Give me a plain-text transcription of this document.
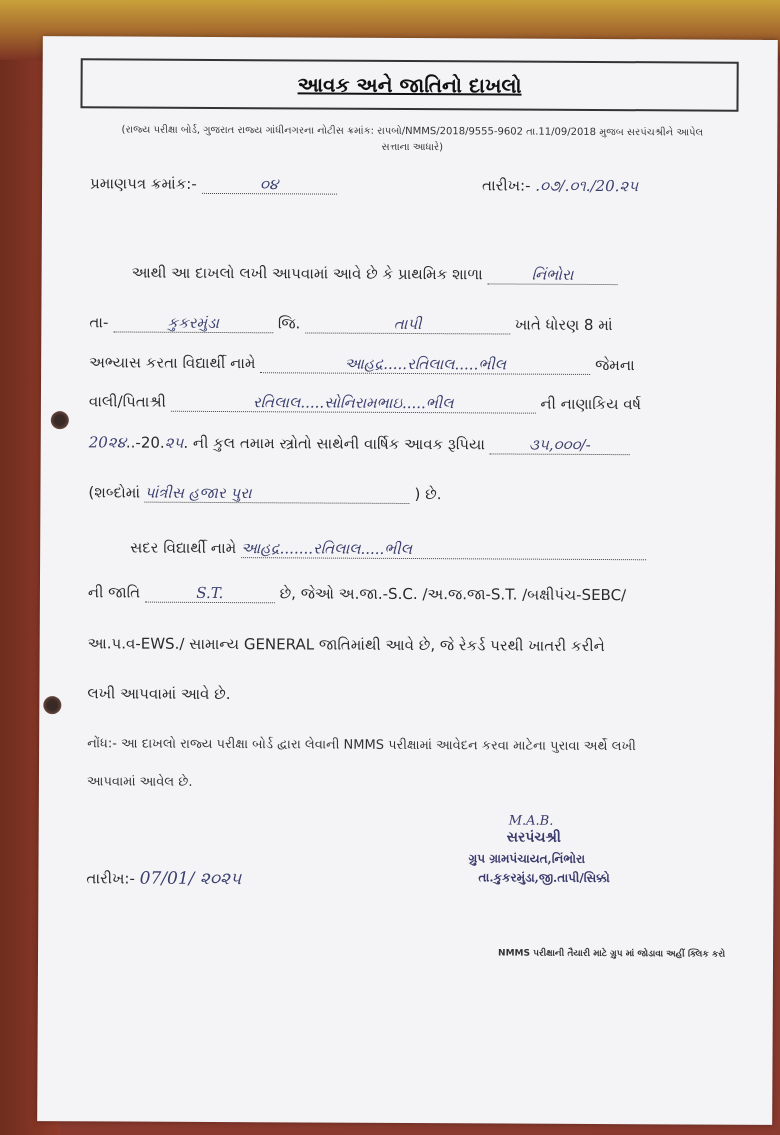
આવક અને જાતિનો દાખલો
(રાજ્ય પરીક્ષા બોર્ડ, ગુજરાત રાજ્ય ગાંધીનગરના નોટીસ ક્રમાંક: રાપબો/NMMS/2018/9555-9602 તા.11/09/2018 મુજબ સરપંચશ્રીને આપેલ સત્તાના આધારે)
પ્રમાણપત્ર ક્રમાંક:-	૦૪	તારીખ:- .૦૭/.૦૧./20.૨૫
આથી આ દાખલો લખી આપવામાં આવે છે કે પ્રાથમિક શાળા	નિંભોરા
તા-	કુકરમુંડા	જિ.	તાપી	ખાતે ધોરણ 8 માં
અભ્યાસ કરતા વિદ્યાર્થી નામે	આહદ્ર.....રતિલાલ.....ભીલ	જેમના
વાલી/પિતાશ્રી	રતિલાલ.....સોનિરામભાઇ.....ભીલ	ની નાણાકિય વર્ષ
20૨૪..-20.૨૫. ની કુલ તમામ સ્ત્રોતો સાથેની વાર્ષિક આવક રૂપિયા	૩૫,૦૦૦/-
(શબ્દોમાં પાંત્રીસ હજાર પુરા	) છે.
સદર વિદ્યાર્થી નામે આહદ્ર.......રતિલાલ.....ભીલ
ની જાતિ	S.T.	છે, જેઓ અ.જા.-S.C. /અ.જ.જા-S.T. /બક્ષીપંચ-SEBC/
આ.પ.વ-EWS./ સામાન્ય GENERAL જાતિમાંથી આવે છે, જે રેકર્ડ પરથી ખાતરી કરીને
લખી આપવામાં આવે છે.
નોંધ:- આ દાખલો રાજ્ય પરીક્ષા બોર્ડ દ્વારા લેવાની NMMS પરીક્ષામાં આવેદન કરવા માટેના પુરાવા અર્થે લખી
આપવામાં આવેલ છે.
M.A.B.
સરપંચશ્રી
ગ્રુપ ગ્રામપંચાયત,નિંભોરા
તા.કુકરમુંડા,જી.તાપી/સિક્કો
તારીખ:- 07/01/ ૨૦૨૫
NMMS પરીક્ષાની તૈયારી માટે ગ્રુપ માં જોડાવા અહીં ક્લિક કરો
